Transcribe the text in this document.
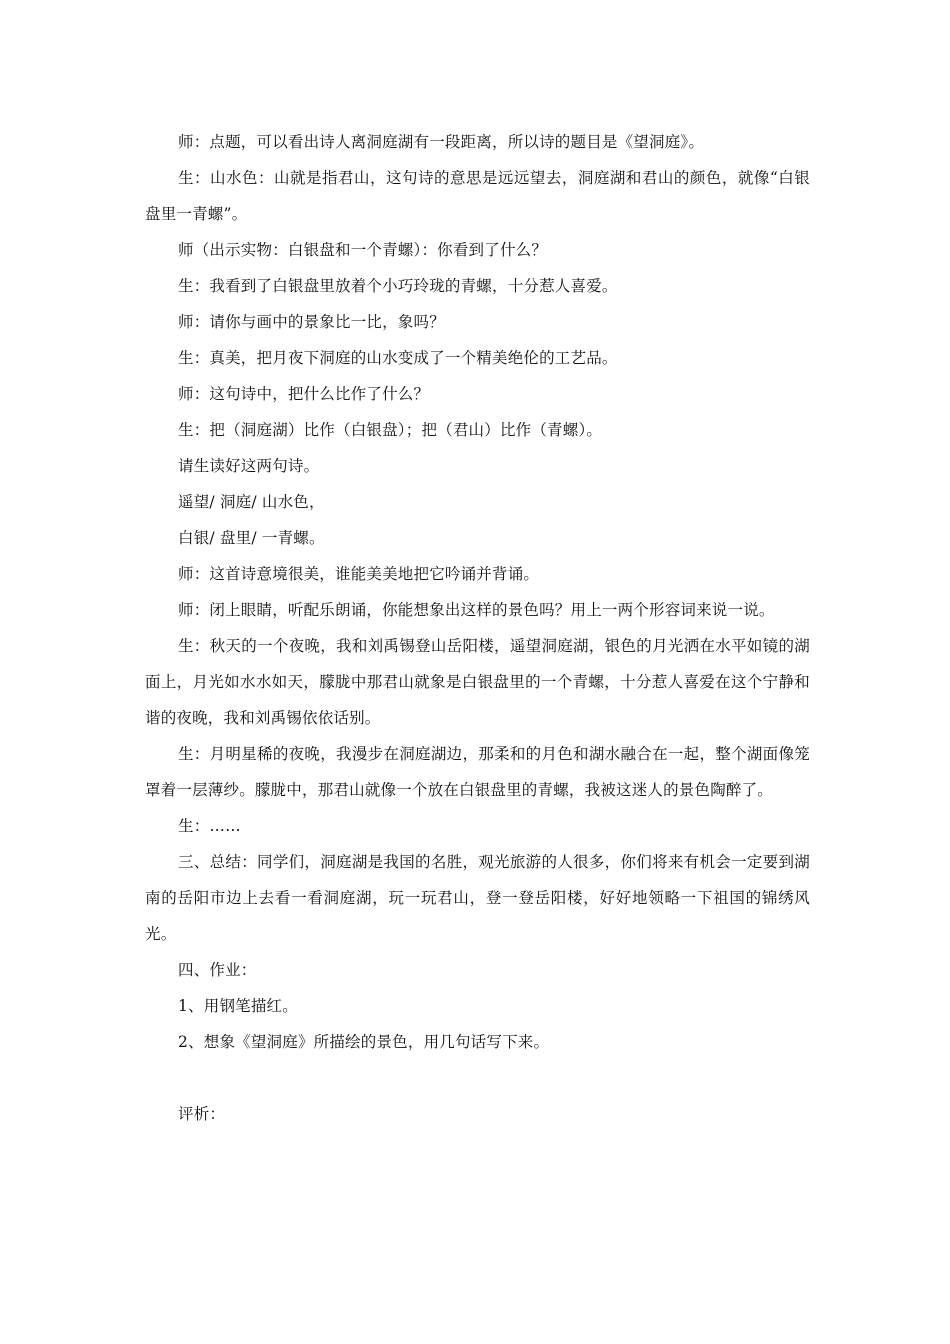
师：点题，可以看出诗人离洞庭湖有一段距离，所以诗的题目是《望洞庭》。

生：山水色：山就是指君山，这句诗的意思是远远望去，洞庭湖和君山的颜色，就像“白银盘里一青螺”。

师（出示实物：白银盘和一个青螺）：你看到了什么？

生：我看到了白银盘里放着个小巧玲珑的青螺，十分惹人喜爱。

师：请你与画中的景象比一比，象吗？

生：真美，把月夜下洞庭的山水变成了一个精美绝伦的工艺品。

师：这句诗中，把什么比作了什么？

生：把（洞庭湖）比作（白银盘）；把（君山）比作（青螺）。

请生读好这两句诗。

遥望/ 洞庭/ 山水色，

白银/ 盘里/ 一青螺。

师：这首诗意境很美，谁能美美地把它吟诵并背诵。

师：闭上眼睛，听配乐朗诵，你能想象出这样的景色吗？用上一两个形容词来说一说。

生：秋天的一个夜晚，我和刘禹锡登山岳阳楼，遥望洞庭湖，银色的月光洒在水平如镜的湖面上，月光如水水如天，朦胧中那君山就象是白银盘里的一个青螺，十分惹人喜爱在这个宁静和谐的夜晚，我和刘禹锡依依话别。

生：月明星稀的夜晚，我漫步在洞庭湖边，那柔和的月色和湖水融合在一起，整个湖面像笼罩着一层薄纱。朦胧中，那君山就像一个放在白银盘里的青螺，我被这迷人的景色陶醉了。

生：……

三、总结：同学们，洞庭湖是我国的名胜，观光旅游的人很多，你们将来有机会一定要到湖南的岳阳市边上去看一看洞庭湖，玩一玩君山，登一登岳阳楼，好好地领略一下祖国的锦绣风光。

四、作业：

1、用钢笔描红。

2、想象《望洞庭》所描绘的景色，用几句话写下来。

评析：
